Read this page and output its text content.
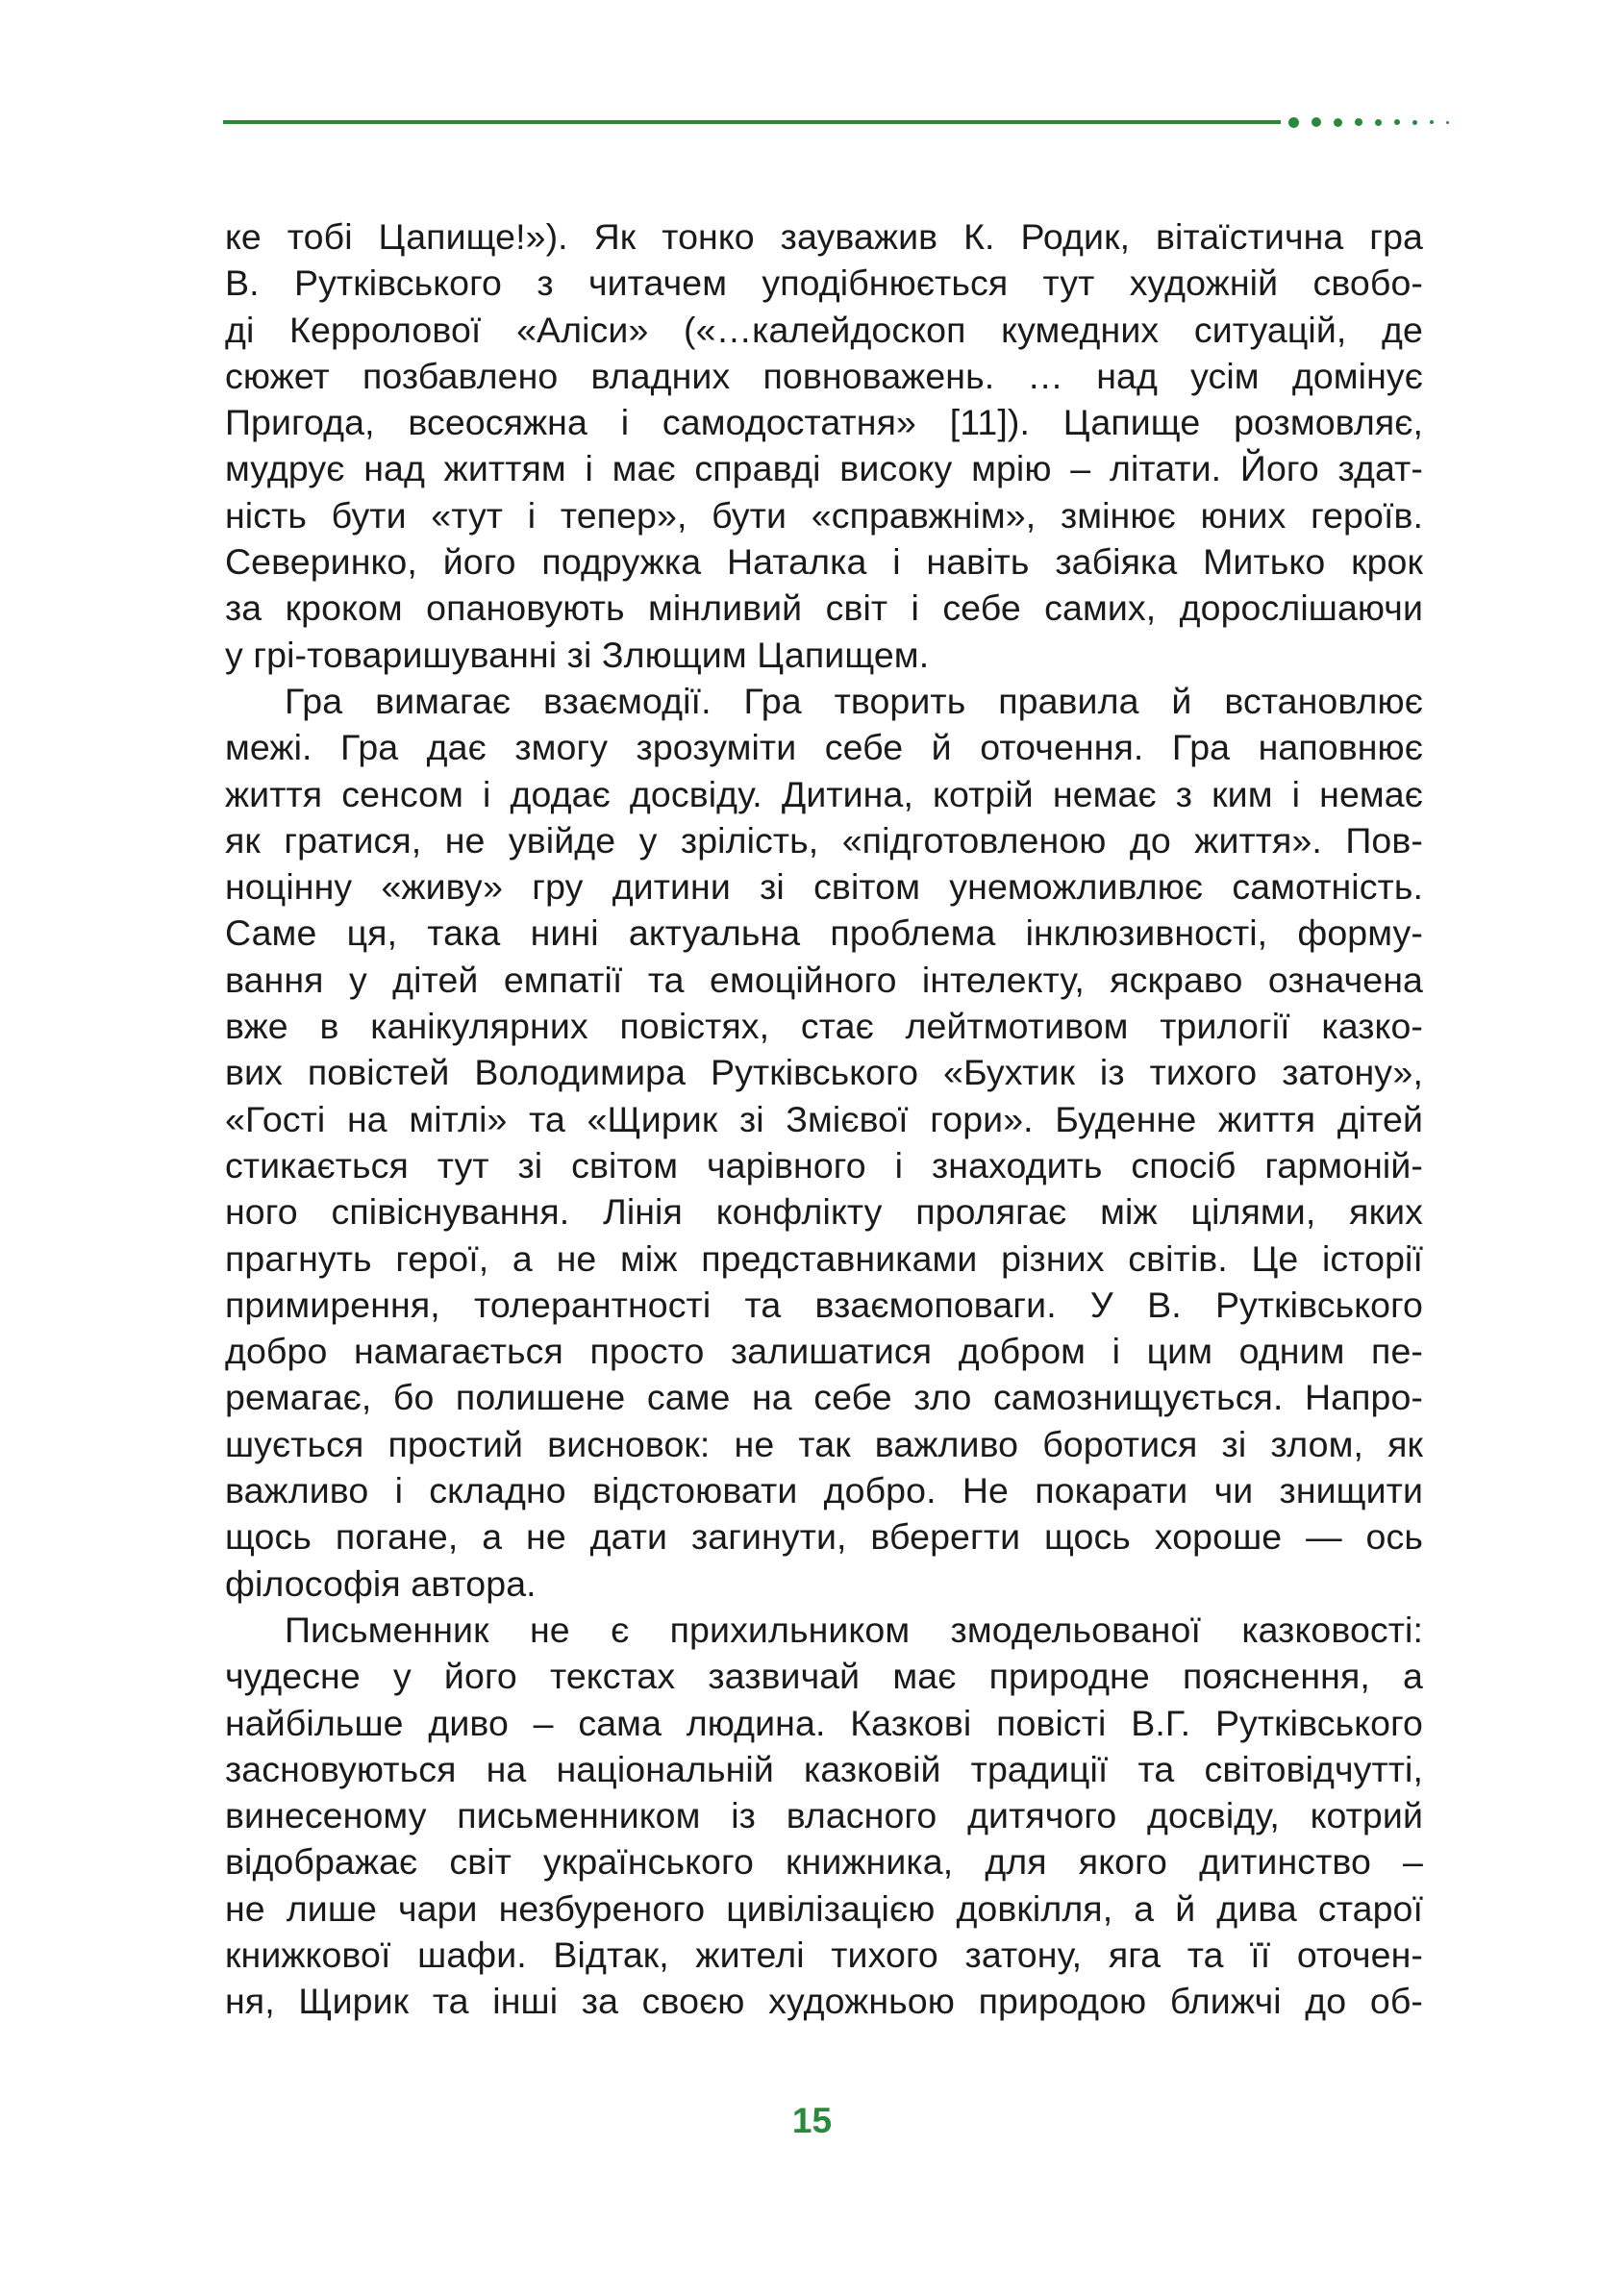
ке тобі Цапище!»). Як тонко зауважив К. Родик, вітаїстична гра

В. Рутківського з читачем уподібнюється тут художній свобо-

ді Керролової «Аліси» («…калейдоскоп кумедних ситуацій, де

сюжет позбавлено владних повноважень. … над усім домінує

Пригода, всеосяжна і самодостатня» [11]). Цапище розмовляє,

мудрує над життям і має справді високу мрію – літати. Його здат-

ність бути «тут і тепер», бути «справжнім», змінює юних героїв.

Северинко, його подружка Наталка і навіть забіяка Митько крок

за кроком опановують мінливий світ і себе самих, дорослішаючи

у грі-товаришуванні зі Злющим Цапищем.

Гра вимагає взаємодії. Гра творить правила й встановлює

межі. Гра дає змогу зрозуміти себе й оточення. Гра наповнює

життя сенсом і додає досвіду. Дитина, котрій немає з ким і немає

як гратися, не увійде у зрілість, «підготовленою до життя». Пов-

ноцінну «живу» гру дитини зі світом унеможливлює самотність.

Саме ця, така нині актуальна проблема інклюзивності, форму-

вання у дітей емпатії та емоційного інтелекту, яскраво означена

вже в канікулярних повістях, стає лейтмотивом трилогії казко-

вих повістей Володимира Рутківського «Бухтик із тихого затону»,

«Гості на мітлі» та «Щирик зі Змієвої гори». Буденне життя дітей

стикається тут зі світом чарівного і знаходить спосіб гармоній-

ного співіснування. Лінія конфлікту пролягає між цілями, яких

прагнуть герої, а не між представниками різних світів. Це історії

примирення, толерантності та взаємоповаги. У В. Рутківського

добро намагається просто залишатися добром і цим одним пе-

ремагає, бо полишене саме на себе зло самознищується. Напро-

шується простий висновок: не так важливо боротися зі злом, як

важливо і складно відстоювати добро. Не покарати чи знищити

щось погане, а не дати загинути, вберегти щось хороше — ось

філософія автора.

Письменник не є прихильником змодельованої казковості:

чудесне у його текстах зазвичай має природне пояснення, а

найбільше диво – сама людина. Казкові повісті В.Г. Рутківського

засновуються на національній казковій традиції та світовідчутті,

винесеному письменником із власного дитячого досвіду, котрий

відображає світ українського книжника, для якого дитинство –

не лише чари незбуреного цивілізацією довкілля, а й дива старої

книжкової шафи. Відтак, жителі тихого затону, яга та її оточен-

ня, Щирик та інші за своєю художньою природою ближчі до об-

15
